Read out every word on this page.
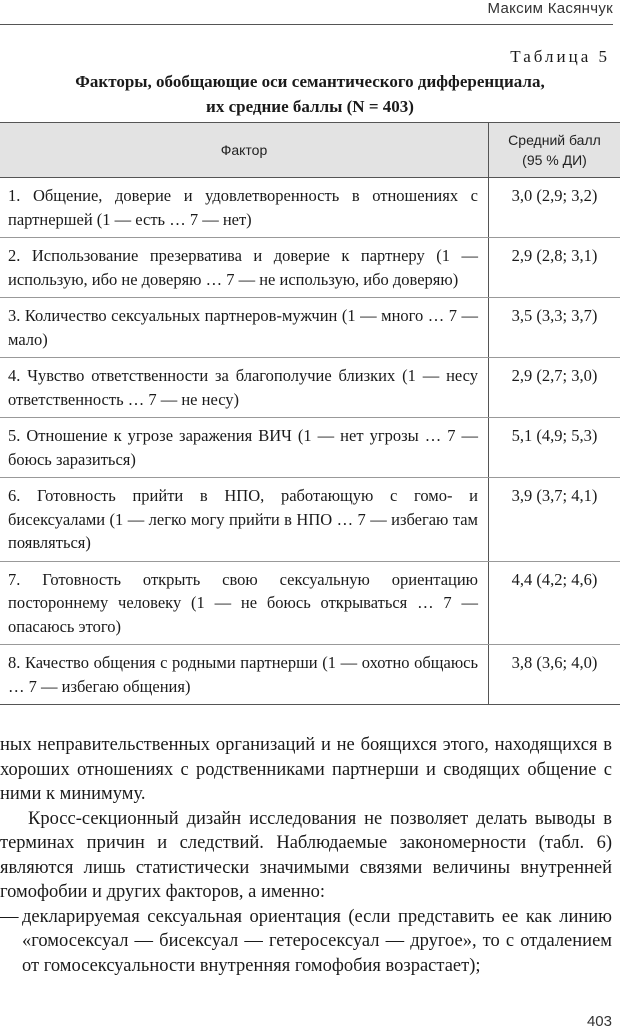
Максим Касянчук
Таблица 5
Факторы, обобщающие оси семантического дифференциала,
их средние баллы (N = 403)
Фактор	Средний балл
(95 % ДИ)

1. Общение, доверие и удовлетворенность в отношениях с партнершей (1 — есть … 7 — нет)	3,0 (2,9; 3,2)
2. Использование презерватива и доверие к партнеру (1 —использую, ибо не доверяю … 7 — не использую, ибо доверяю)	2,9 (2,8; 3,1)
3. Количество сексуальных партнеров-мужчин (1 — много … 7 — мало)	3,5 (3,3; 3,7)
4. Чувство ответственности за благополучие близких (1 — несу ответственность … 7 — не несу)	2,9 (2,7; 3,0)
5. Отношение к угрозе заражения ВИЧ (1 — нет угрозы … 7 — боюсь заразиться)	5,1 (4,9; 5,3)
6. Готовность прийти в НПО, работающую с гомо- и бисексуалами (1 — легко могу прийти в НПО … 7 — избегаю там появляться)	3,9 (3,7; 4,1)
7. Готовность открыть свою сексуальную ориентацию постороннему человеку (1 — не боюсь открываться … 7 — опасаюсь этого)	4,4 (4,2; 4,6)
8. Качество общения с родными партнерши (1 — охотно общаюсь … 7 — избегаю общения)	3,8 (3,6; 4,0)

ных неправительственных организаций и не боящихся этого, находящихся в хороших отношениях с родственниками партнерши и сводящих общение с ними к минимуму.

Кросс-секционный дизайн исследования не позволяет делать выводы в терминах причин и следствий. Наблюдаемые закономерности (табл. 6) являются лишь статистически значимыми связями величины внутренней гомофобии и других факторов, а именно:

— декларируемая сексуальная ориентация (если представить ее как линию «гомосексуал — бисексуал — гетеросексуал — другое», то с отдалением от гомосексуальности внутренняя гомофобия возрастает);
403
